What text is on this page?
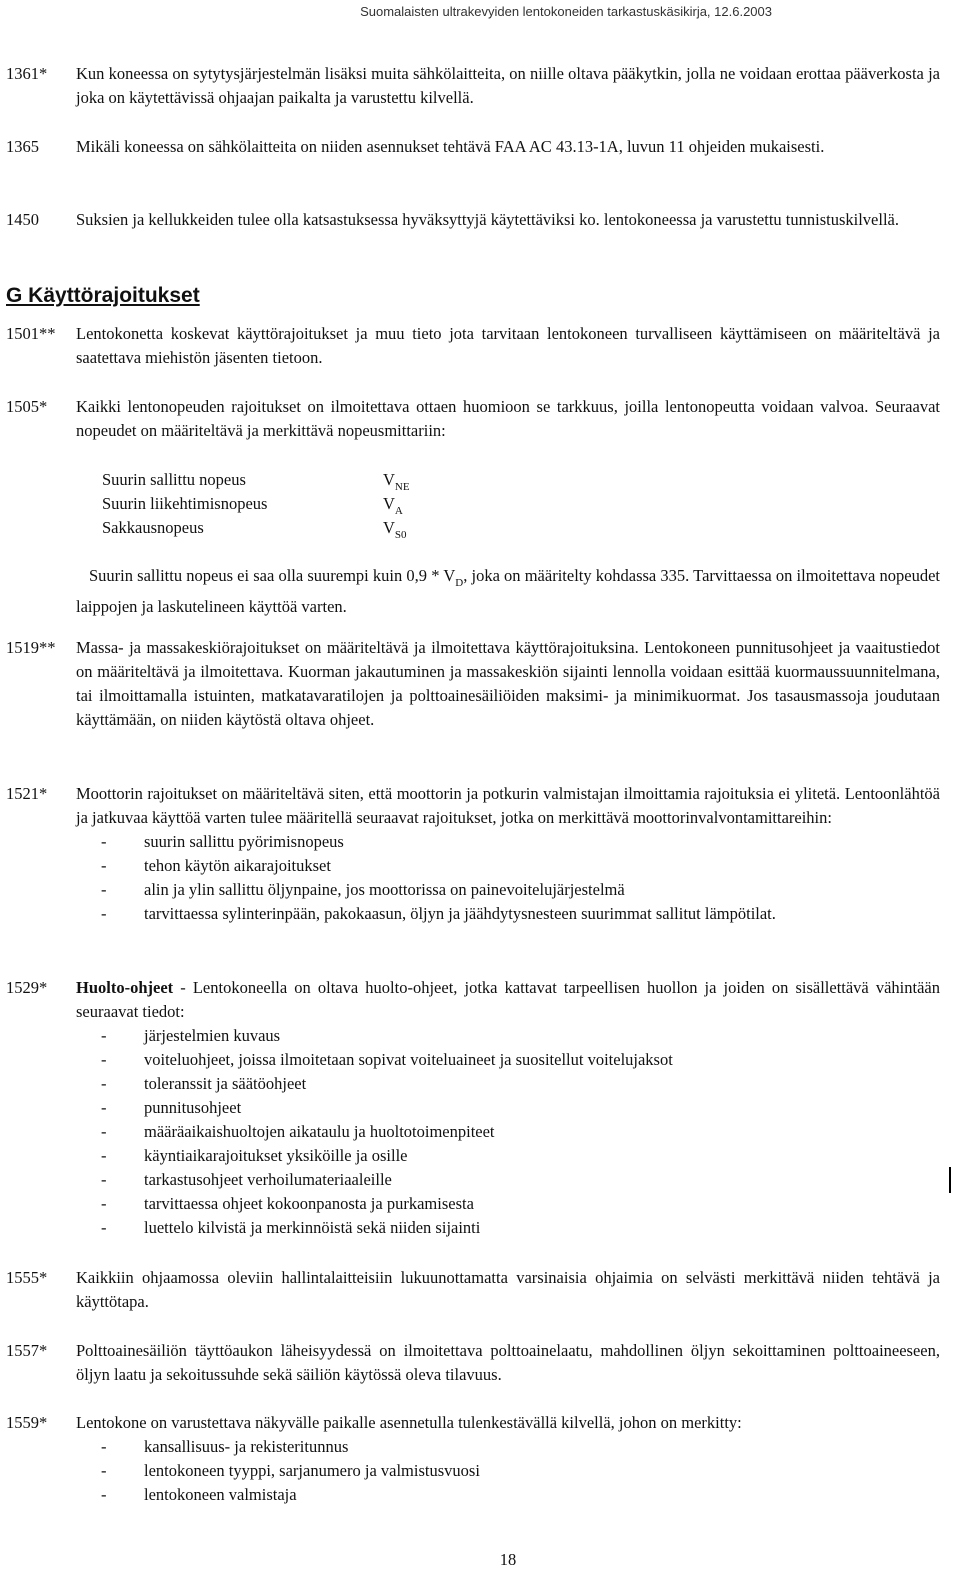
Suomalaisten ultrakevyiden lentokoneiden tarkastuskäsikirja, 12.6.2003
1361*	Kun koneessa on sytytysjärjestelmän lisäksi muita sähkölaitteita, on niille oltava pääkytkin, jolla ne voidaan erottaa pääverkosta ja joka on käytettävissä ohjaajan paikalta ja varustettu kilvellä.
1365	Mikäli koneessa on sähkölaitteita on niiden asennukset tehtävä FAA AC 43.13-1A, luvun 11 ohjeiden mukaisesti.
1450	Suksien ja kellukkeiden tulee olla katsastuksessa hyväksyttyjä käytettäviksi ko. lentokoneessa ja varustettu tunnistuskilvellä.
G Käyttörajoitukset
1501**	Lentokonetta koskevat käyttörajoitukset ja muu tieto jota tarvitaan lentokoneen turvalliseen käyttämiseen on määriteltävä ja saatettava miehistön jäsenten tietoon.
1505*	Kaikki lentonopeuden rajoitukset on ilmoitettava ottaen huomioon se tarkkuus, joilla lentonopeutta voidaan valvoa. Seuraavat nopeudet on määriteltävä ja merkittävä nopeusmittariin:
Suurin sallittu nopeus	$V_{NE}$
Suurin liikehtimisnopeus	$V_A$
Sakkausnopeus	$V_{S0}$
Suurin sallittu nopeus ei saa olla suurempi kuin $0,9 * V_D$, joka on määritelty kohdassa 335. Tarvittaessa on ilmoitettava nopeudet laippojen ja laskutelineen käyttöä varten.
1519**	Massa- ja massakeskiörajoitukset on määriteltävä ja ilmoitettava käyttörajoituksina. Lentokoneen punnitusohjeet ja vaaitustiedot on määriteltävä ja ilmoitettava. Kuorman jakautuminen ja massakeskiön sijainti lennolla voidaan esittää kuormaussuunnitelmana, tai ilmoittamalla istuinten, matkatavaratilojen ja polttoainesäiliöiden maksimi- ja minimikuormat. Jos tasausmassoja joudutaan käyttämään, on niiden käytöstä oltava ohjeet.
1521*	Moottorin rajoitukset on määriteltävä siten, että moottorin ja potkurin valmistajan ilmoittamia rajoituksia ei ylitetä. Lentoonlähtöä ja jatkuvaa käyttöä varten tulee määritellä seuraavat rajoitukset, jotka on merkittävä moottorinvalvontamittareihin:
- suurin sallittu pyörimisnopeus
- tehon käytön aikarajoitukset
- alin ja ylin sallittu öljynpaine, jos moottorissa on painevoitelujärjestelmä
- tarvittaessa sylinterinpään, pakokaasun, öljyn ja jäähdytysnesteen suurimmat sallitut lämpötilat.
1529*	Huolto-ohjeet - Lentokoneella on oltava huolto-ohjeet, jotka kattavat tarpeellisen huollon ja joiden on sisällettävä vähintään seuraavat tiedot:
- järjestelmien kuvaus
- voiteluohjeet, joissa ilmoitetaan sopivat voiteluaineet ja suositellut voitelujaksot
- toleranssit ja säätöohjeet
- punnitusohjeet
- määräaikaishuoltojen aikataulu ja huoltotoimenpiteet
- käyntiaikarajoitukset yksiköille ja osille
- tarkastusohjeet verhoilumateriaaleille
- tarvittaessa ohjeet kokoonpanosta ja purkamisesta
- luettelo kilvistä ja merkinnöistä sekä niiden sijainti
1555*	Kaikkiin ohjaamossa oleviin hallintalaitteisiin lukuunottamatta varsinaisia ohjaimia on selvästi merkittävä niiden tehtävä ja käyttötapa.
1557*	Polttoainesäiliön täyttöaukon läheisyydessä on ilmoitettava polttoainelaatu, mahdollinen öljyn sekoittaminen polttoaineeseen, öljyn laatu ja sekoitussuhde sekä säiliön käytössä oleva tilavuus.
1559*	Lentokone on varustettava näkyvälle paikalle asennetulla tulenkestävällä kilvellä, johon on merkitty:
- kansallisuus- ja rekisteritunnus
- lentokoneen tyyppi, sarjanumero ja valmistusvuosi
- lentokoneen valmistaja
18
